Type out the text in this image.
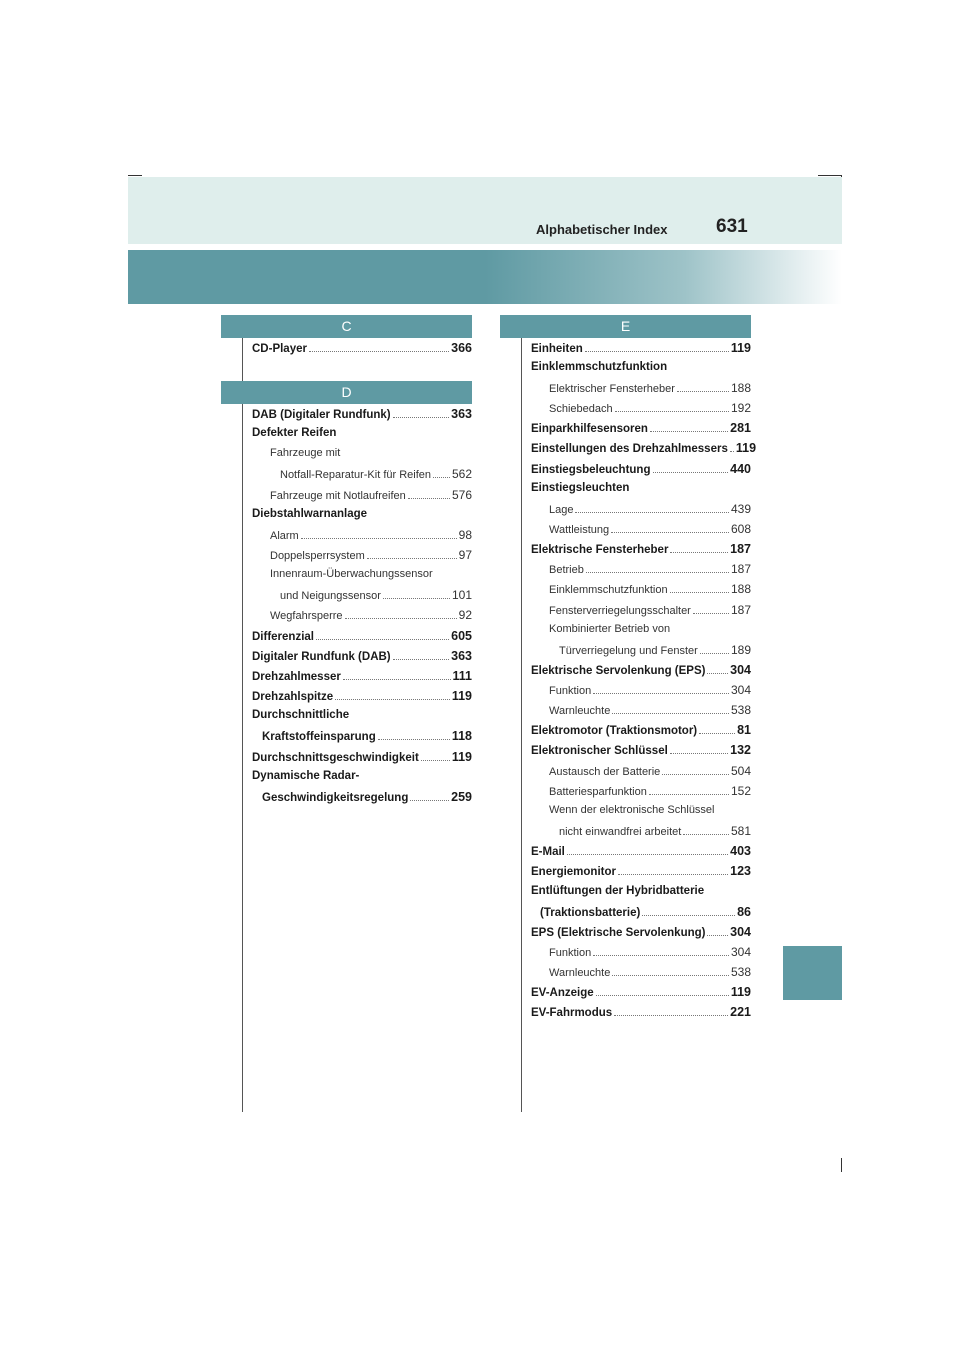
Alphabetischer Index	631
C
D
E
CD-Player	366
DAB (Digitaler Rundfunk)	363
Defekter Reifen
Fahrzeuge mit
Notfall-Reparatur-Kit für Reifen 562
Fahrzeuge mit Notlaufreifen	576
Diebstahlwarnanlage
Alarm	98
Doppelsperrsystem	97
Innenraum-Überwachungssensor
und Neigungssensor	101
Wegfahrsperre	92
Differenzial	605
Digitaler Rundfunk (DAB)	363
Drehzahlmesser	111
Drehzahlspitze	119
Durchschnittliche
Kraftstoffeinsparung	118
Durchschnittsgeschwindigkeit	119
Dynamische Radar-
Geschwindigkeitsregelung	259
Einheiten	119
Einklemmschutzfunktion
Elektrischer Fensterheber	188
Schiebedach	192
Einparkhilfesensoren	281
Einstellungen des Drehzahlmessers 119
Einstiegsbeleuchtung	440
Einstiegsleuchten
Lage	439
Wattleistung	608
Elektrische Fensterheber	187
Betrieb	187
Einklemmschutzfunktion	188
Fensterverriegelungsschalter	187
Kombinierter Betrieb von
Türverriegelung und Fenster	189
Elektrische Servolenkung (EPS) 304
Funktion	304
Warnleuchte	538
Elektromotor (Traktionsmotor)	81
Elektronischer Schlüssel	132
Austausch der Batterie	504
Batteriesparfunktion	152
Wenn der elektronische Schlüssel
nicht einwandfrei arbeitet	581
E-Mail	403
Energiemonitor	123
Entlüftungen der Hybridbatterie
(Traktionsbatterie)	86
EPS (Elektrische Servolenkung) 304
Funktion	304
Warnleuchte	538
EV-Anzeige	119
EV-Fahrmodus	221
